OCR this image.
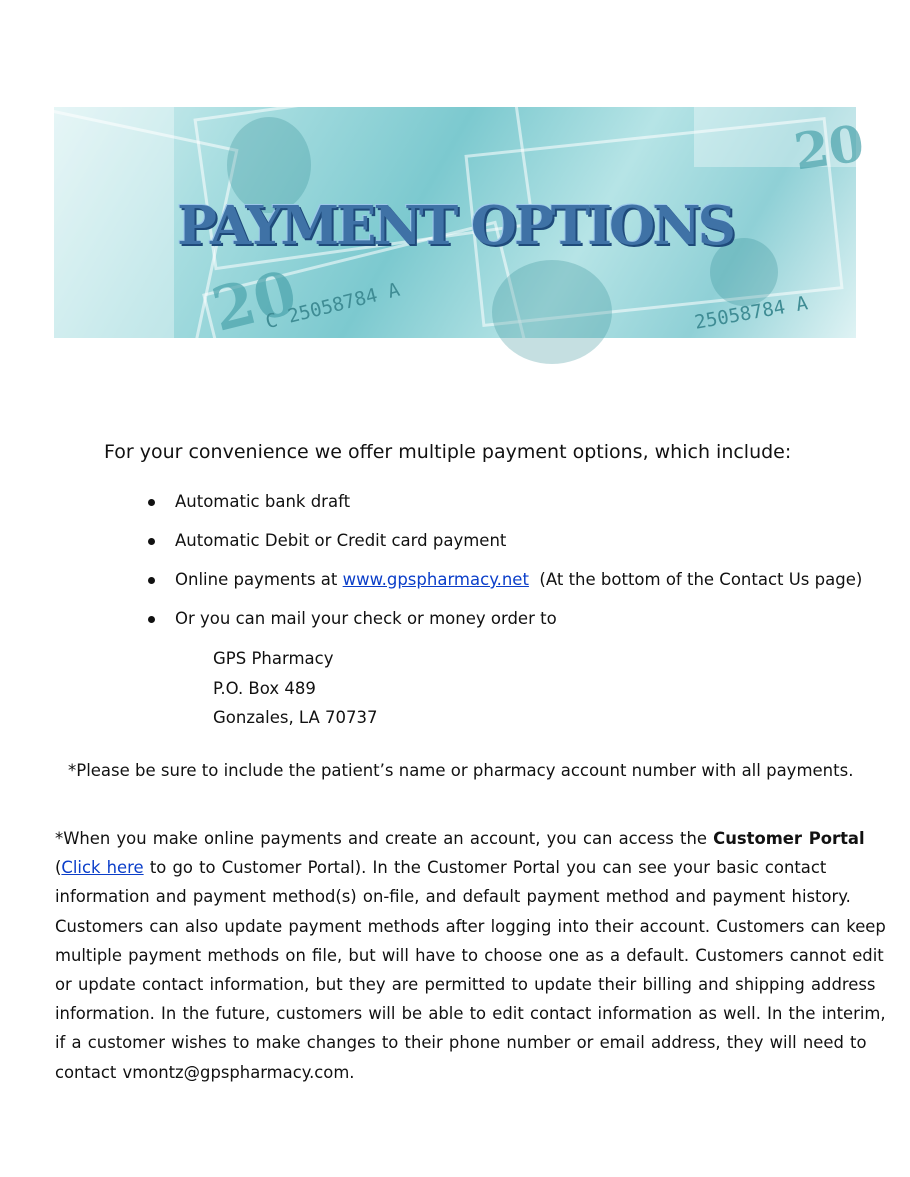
20
20
C 25058784 A	25058784 A
PAYMENT OPTIONS
For your convenience we offer multiple payment options, which include:
Automatic bank draft
Automatic Debit or Credit card payment
Online payments at www.gpspharmacy.net  (At the bottom of the Contact Us page)
Or you can mail your check or money order to
GPS Pharmacy
P.O. Box 489
Gonzales, LA 70737
*Please be sure to include the patient’s name or pharmacy account number with all payments.
*When you make online payments and create an account, you can access the Customer Portal (Click here to go to Customer Portal). In the Customer Portal you can see your basic contact information and payment method(s) on-file, and default payment method and payment history. Customers can also update payment methods after logging into their account. Customers can keep multiple payment methods on file, but will have to choose one as a default. Customers cannot edit or update contact information, but they are permitted to update their billing and shipping address information. In the future, customers will be able to edit contact information as well. In the interim, if a customer wishes to make changes to their phone number or email address, they will need to contact vmontz@gpspharmacy.com.
